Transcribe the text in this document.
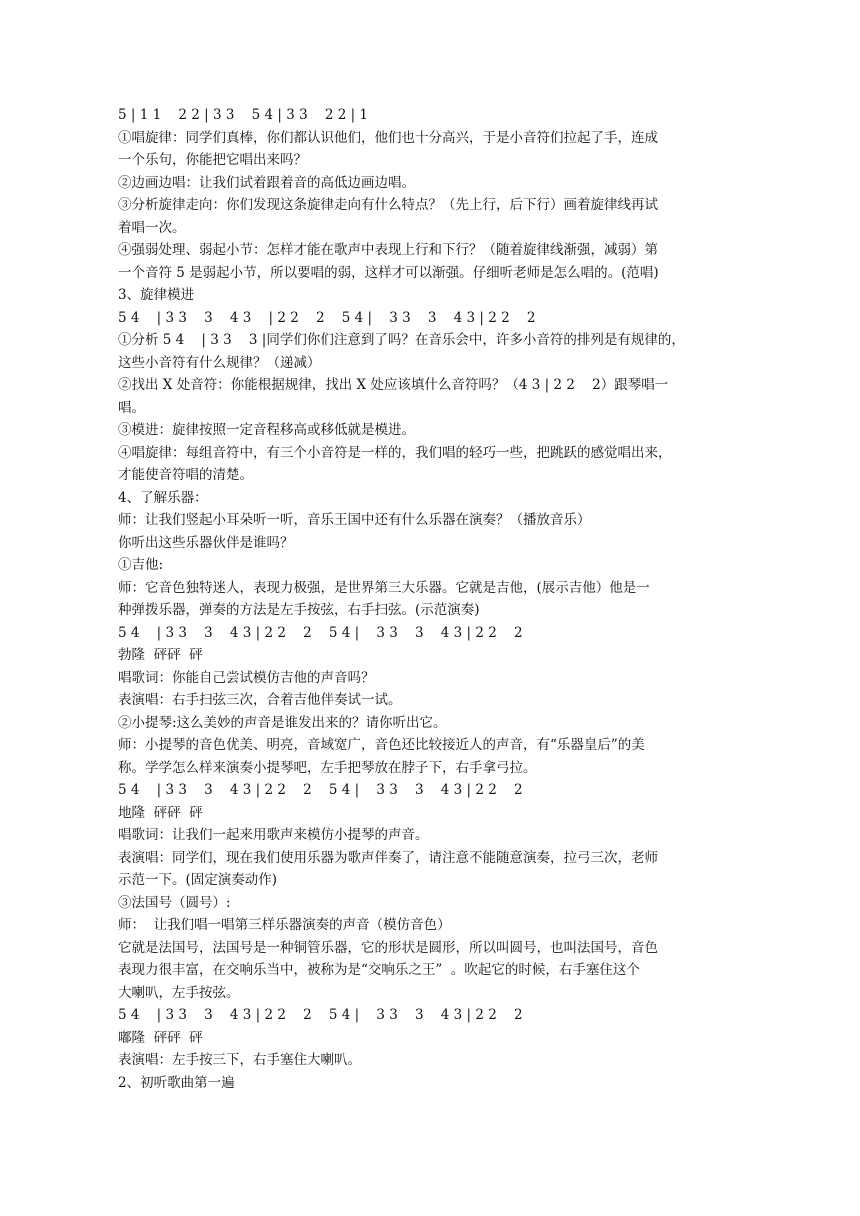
5 | 1 1    2 2 | 3 3    5 4 | 3 3    2 2 | 1

①唱旋律：同学们真棒，你们都认识他们，他们也十分高兴，于是小音符们拉起了手，连成

一个乐句，你能把它唱出来吗？

②边画边唱：让我们试着跟着音的高低边画边唱。

③分析旋律走向：你们发现这条旋律走向有什么特点？（先上行，后下行）画着旋律线再试

着唱一次。

④强弱处理、弱起小节：怎样才能在歌声中表现上行和下行？（随着旋律线渐强，减弱）第

一个音符 5 是弱起小节，所以要唱的弱，这样才可以渐强。仔细听老师是怎么唱的。(范唱)

3、旋律模进

5 4    | 3 3    3    4 3    | 2 2    2    5 4 |    3 3    3    4 3 | 2 2    2

①分析 5 4    | 3 3    3 |同学们你们注意到了吗？在音乐会中，许多小音符的排列是有规律的，

这些小音符有什么规律？（递减）

②找出 X 处音符：你能根据规律，找出 X 处应该填什么音符吗？（4 3 | 2 2    2）跟琴唱一

唱。

③模进：旋律按照一定音程移高或移低就是模进。

④唱旋律：每组音符中，有三个小音符是一样的，我们唱的轻巧一些，把跳跃的感觉唱出来，

才能使音符唱的清楚。

4、了解乐器：

师：让我们竖起小耳朵听一听，音乐王国中还有什么乐器在演奏？（播放音乐）

你听出这些乐器伙伴是谁吗？

①吉他:

师：它音色独特迷人，表现力极强，是世界第三大乐器。它就是吉他，(展示吉他）他是一

种弹拨乐器，弹奏的方法是左手按弦，右手扫弦。(示范演奏)

5 4    | 3 3    3    4 3 | 2 2    2    5 4 |    3 3    3    4 3 | 2 2    2

勃隆  砰砰  砰

唱歌词：你能自己尝试模仿吉他的声音吗？

表演唱：右手扫弦三次，合着吉他伴奏试一试。

②小提琴:这么美妙的声音是谁发出来的？请你听出它。

师：小提琴的音色优美、明亮，音域宽广，音色还比较接近人的声音，有“乐器皇后”的美

称。学学怎么样来演奏小提琴吧，左手把琴放在脖子下，右手拿弓拉。

5 4    | 3 3    3    4 3 | 2 2    2    5 4 |    3 3    3    4 3 | 2 2    2

地隆  砰砰  砰

唱歌词：让我们一起来用歌声来模仿小提琴的声音。

表演唱：同学们，现在我们使用乐器为歌声伴奏了，请注意不能随意演奏，拉弓三次，老师

示范一下。(固定演奏动作)

③法国号（圆号）:

师：  让我们唱一唱第三样乐器演奏的声音（模仿音色）

它就是法国号，法国号是一种铜管乐器，它的形状是圆形，所以叫圆号，也叫法国号，音色

表现力很丰富，在交响乐当中，被称为是“交响乐之王”  。吹起它的时候，右手塞住这个

大喇叭，左手按弦。

5 4    | 3 3    3    4 3 | 2 2    2    5 4 |    3 3    3    4 3 | 2 2    2

嘟隆  砰砰  砰

表演唱：左手按三下，右手塞住大喇叭。

2、初听歌曲第一遍
